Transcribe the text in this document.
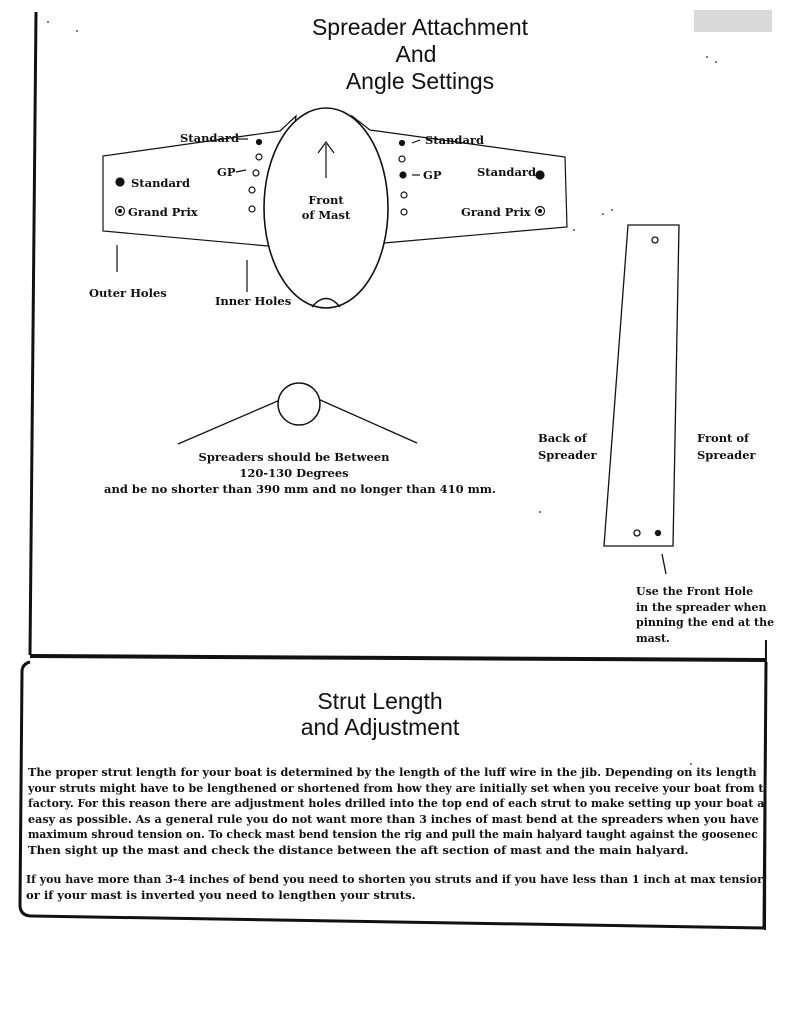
Spreader Attachment
And
Angle Settings
Standard
GP
Standard
Grand Prix
Standard
GP	Standard
Grand Prix
Front
of Mast
Outer Holes
Inner Holes
Spreaders should be Between
120-130 Degrees
and be no shorter than 390 mm and no longer than 410 mm.
Back of
Spreader
Front of
Spreader
Use the Front Hole
in the spreader when
pinning the end at the
mast.
Strut Length
and Adjustment
The proper strut length for your boat is determined by the length of the luff wire in the jib. Depending on its length
your struts might have to be lengthened or shortened from how they are initially set when you receive your boat from t
factory. For this reason there are adjustment holes drilled into the top end of each strut to make setting up your boat a
easy as possible. As a general rule you do not want more than 3 inches of mast bend at the spreaders when you have
maximum shroud tension on. To check mast bend tension the rig and pull the main halyard taught against the goosenec
Then sight up the mast and check the distance between the aft section of mast and the main halyard.
If you have more than 3-4 inches of bend you need to shorten you struts and if you have less than 1 inch at max tensior
or if your mast is inverted you need to lengthen your struts.
